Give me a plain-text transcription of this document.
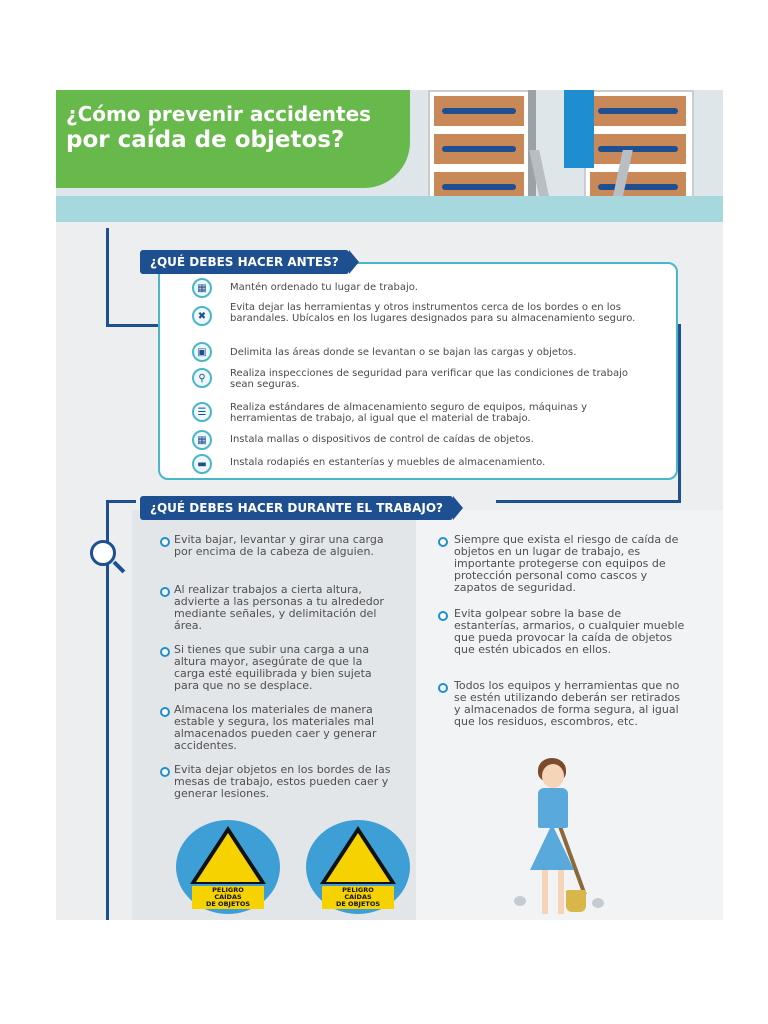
¿Cómo prevenir accidentes
por caída de objetos?
¿QUÉ DEBES HACER ANTES?
▦	Mantén ordenado tu lugar de trabajo.
✖
Evita dejar las herramientas y otros instrumentos cerca de los bordes o en los barandales. Ubícalos en los lugares designados para su almacenamiento seguro.
▣	Delimita las áreas donde se levantan o se bajan las cargas y objetos.
⚲	Realiza inspecciones de seguridad para verificar que las condiciones de trabajo sean seguras.
☰	Realiza estándares de almacenamiento seguro de equipos, máquinas y herramientas de trabajo, al igual que el material de trabajo.
▦	Instala mallas o dispositivos de control de caídas de objetos.
▬	Instala rodapiés en estanterías y muebles de almacenamiento.
¿QUÉ DEBES HACER DURANTE EL TRABAJO?
Evita bajar, levantar y girar una carga por encima de la cabeza de alguien.
Al realizar trabajos a cierta altura, advierte a las personas a tu alrededor mediante señales, y delimitación del área.
Si tienes que subir una carga a una altura mayor, asegúrate de que la carga esté equilibrada y bien sujeta para que no se desplace.
Almacena los materiales de manera estable y segura, los materiales mal almacenados pueden caer y generar accidentes.
Evita dejar objetos en los bordes de las mesas de trabajo, estos pueden caer y generar lesiones.
Siempre que exista el riesgo de caída de objetos en un lugar de trabajo, es importante protegerse con equipos de protección personal como cascos y zapatos de seguridad.
Evita golpear sobre la base de estanterías, armarios, o cualquier mueble que pueda provocar la caída de objetos que estén ubicados en ellos.
Todos los equipos y herramientas que no se estén utilizando deberán ser retirados y almacenados de forma segura, al igual que los residuos, escombros, etc.
PELIGRO
CAÍDAS
DE OBJETOS
PELIGRO
CAÍDAS
DE OBJETOS
